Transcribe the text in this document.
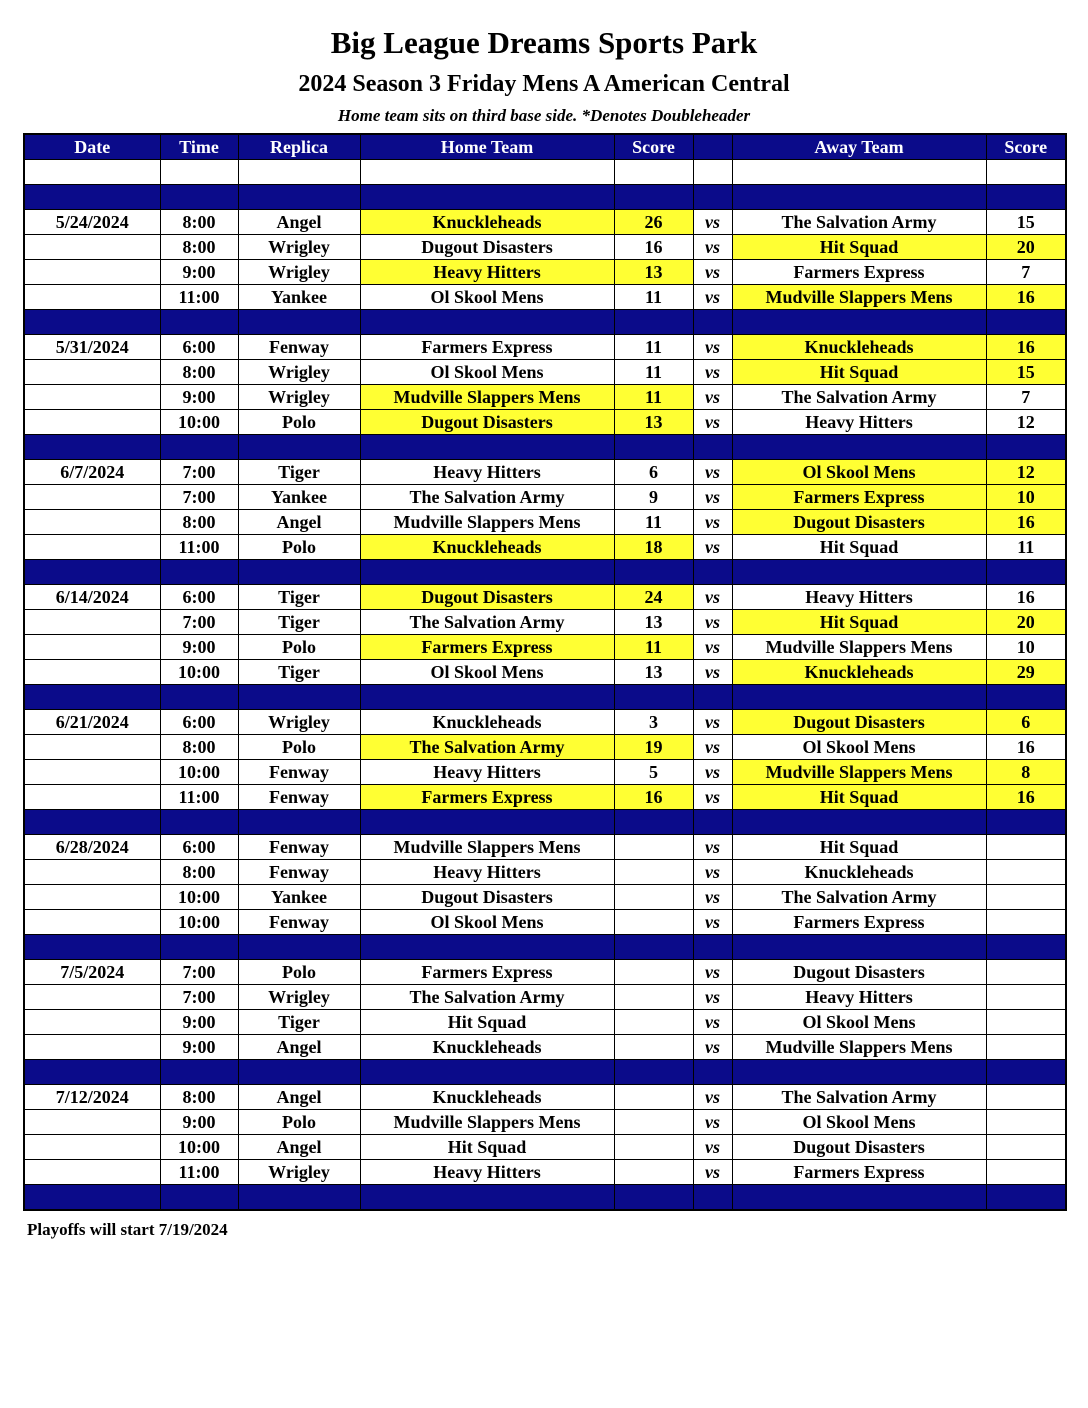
Big League Dreams Sports Park
2024 Season 3 Friday Mens A American Central
Home team sits on third base side. *Denotes Doubleheader
Date	Time	Replica	Home Team	Score		Away Team	Score

5/24/2024	8:00	Angel	Knuckleheads	26	vs	The Salvation Army	15
	8:00	Wrigley	Dugout Disasters	16	vs	Hit Squad	20
	9:00	Wrigley	Heavy Hitters	13	vs	Farmers Express	7
	11:00	Yankee	Ol Skool Mens	11	vs	Mudville Slappers Mens	16

5/31/2024	6:00	Fenway	Farmers Express	11	vs	Knuckleheads	16
	8:00	Wrigley	Ol Skool Mens	11	vs	Hit Squad	15
	9:00	Wrigley	Mudville Slappers Mens	11	vs	The Salvation Army	7
	10:00	Polo	Dugout Disasters	13	vs	Heavy Hitters	12

6/7/2024	7:00	Tiger	Heavy Hitters	6	vs	Ol Skool Mens	12
	7:00	Yankee	The Salvation Army	9	vs	Farmers Express	10
	8:00	Angel	Mudville Slappers Mens	11	vs	Dugout Disasters	16
	11:00	Polo	Knuckleheads	18	vs	Hit Squad	11

6/14/2024	6:00	Tiger	Dugout Disasters	24	vs	Heavy Hitters	16
	7:00	Tiger	The Salvation Army	13	vs	Hit Squad	20
	9:00	Polo	Farmers Express	11	vs	Mudville Slappers Mens	10
	10:00	Tiger	Ol Skool Mens	13	vs	Knuckleheads	29

6/21/2024	6:00	Wrigley	Knuckleheads	3	vs	Dugout Disasters	6
	8:00	Polo	The Salvation Army	19	vs	Ol Skool Mens	16
	10:00	Fenway	Heavy Hitters	5	vs	Mudville Slappers Mens	8
	11:00	Fenway	Farmers Express	16	vs	Hit Squad	16

6/28/2024	6:00	Fenway	Mudville Slappers Mens		vs	Hit Squad	
	8:00	Fenway	Heavy Hitters		vs	Knuckleheads	
	10:00	Yankee	Dugout Disasters		vs	The Salvation Army	
	10:00	Fenway	Ol Skool Mens		vs	Farmers Express	

7/5/2024	7:00	Polo	Farmers Express		vs	Dugout Disasters	
	7:00	Wrigley	The Salvation Army		vs	Heavy Hitters	
	9:00	Tiger	Hit Squad		vs	Ol Skool Mens	
	9:00	Angel	Knuckleheads		vs	Mudville Slappers Mens	

7/12/2024	8:00	Angel	Knuckleheads		vs	The Salvation Army	
	9:00	Polo	Mudville Slappers Mens		vs	Ol Skool Mens	
	10:00	Angel	Hit Squad		vs	Dugout Disasters	
	11:00	Wrigley	Heavy Hitters		vs	Farmers Express	

Playoffs will start 7/19/2024
